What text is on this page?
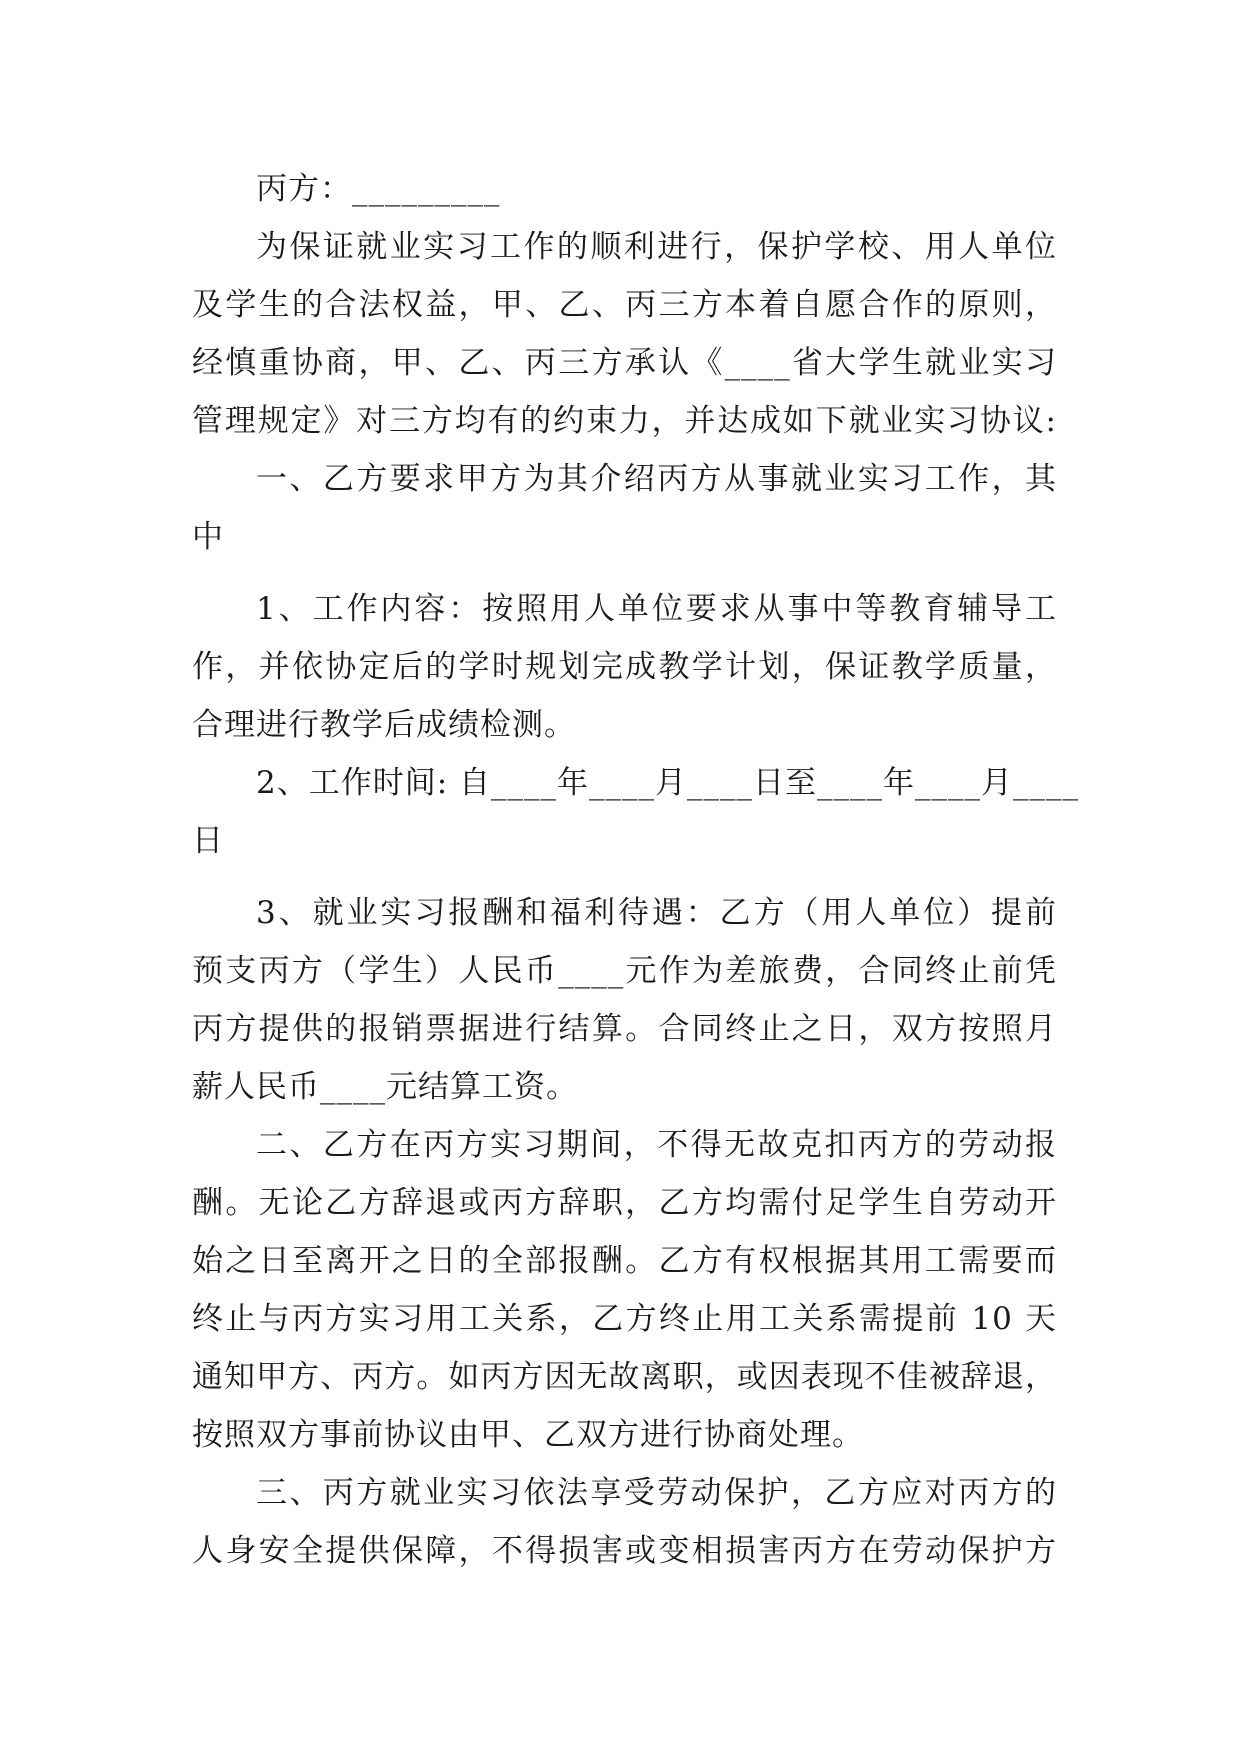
丙方：_________
为保证就业实习工作的顺利进行，保护学校、用人单位
及学生的合法权益，甲、乙、丙三方本着自愿合作的原则，
经慎重协商，甲、乙、丙三方承认《____省大学生就业实习
管理规定》对三方均有的约束力，并达成如下就业实习协议:
一、乙方要求甲方为其介绍丙方从事就业实习工作，其
中
1、工作内容：按照用人单位要求从事中等教育辅导工
作，并依协定后的学时规划完成教学计划，保证教学质量，
合理进行教学后成绩检测。
2、工作时间: 自____年____月____日至____年____月____
日
3、就业实习报酬和福利待遇：乙方（用人单位）提前
预支丙方（学生）人民币____元作为差旅费，合同终止前凭
丙方提供的报销票据进行结算。合同终止之日，双方按照月
薪人民币____元结算工资。
二、乙方在丙方实习期间，不得无故克扣丙方的劳动报
酬。无论乙方辞退或丙方辞职，乙方均需付足学生自劳动开
始之日至离开之日的全部报酬。乙方有权根据其用工需要而
终止与丙方实习用工关系，乙方终止用工关系需提前 10 天
通知甲方、丙方。如丙方因无故离职，或因表现不佳被辞退，
按照双方事前协议由甲、乙双方进行协商处理。
三、丙方就业实习依法享受劳动保护，乙方应对丙方的
人身安全提供保障，不得损害或变相损害丙方在劳动保护方
